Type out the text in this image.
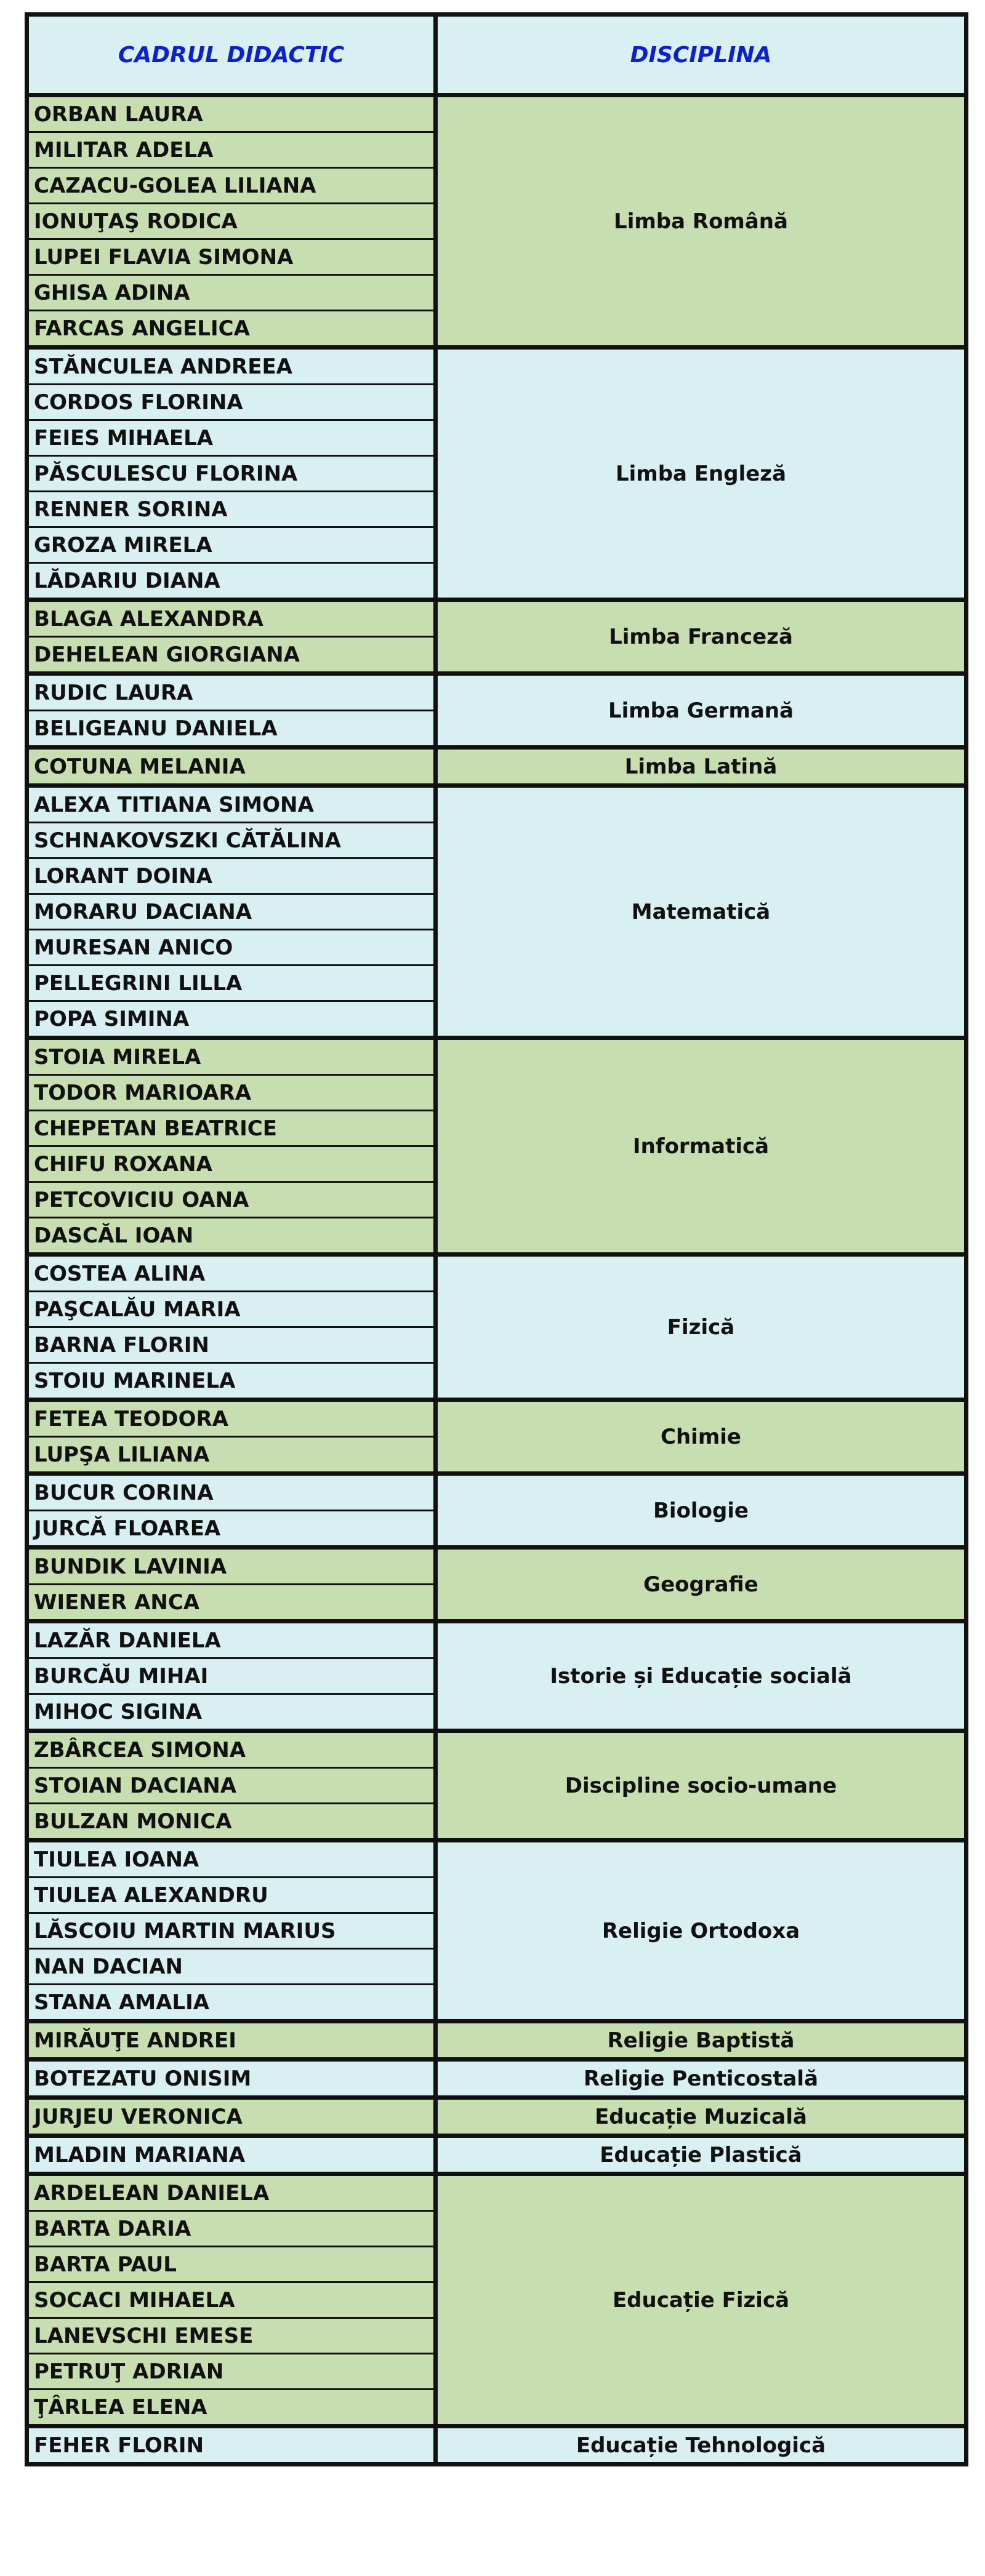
CADRUL DIDACTIC	DISCIPLINA
ORBAN LAURA	Limba Română
MILITAR ADELA	
CAZACU-GOLEA LILIANA	
IONUŢAŞ RODICA	
LUPEI FLAVIA SIMONA	
GHISA ADINA	
FARCAS ANGELICA	
STĂNCULEA ANDREEA	Limba Engleză
CORDOS FLORINA	
FEIES MIHAELA	
PĂSCULESCU FLORINA	
RENNER SORINA	
GROZA MIRELA	
LĂDARIU DIANA	
BLAGA ALEXANDRA	Limba Franceză
DEHELEAN GIORGIANA	
RUDIC LAURA	Limba Germană
BELIGEANU DANIELA	
COTUNA MELANIA	Limba Latină
ALEXA TITIANA SIMONA	Matematică
SCHNAKOVSZKI CĂTĂLINA	
LORANT DOINA	
MORARU DACIANA	
MURESAN ANICO	
PELLEGRINI LILLA	
POPA SIMINA	
STOIA MIRELA	Informatică
TODOR MARIOARA	
CHEPETAN BEATRICE	
CHIFU ROXANA	
PETCOVICIU OANA	
DASCĂL IOAN	
COSTEA ALINA	Fizică
PAŞCALĂU MARIA	
BARNA FLORIN	
STOIU MARINELA	
FETEA TEODORA	Chimie
LUPŞA LILIANA	
BUCUR CORINA	Biologie
JURCĂ FLOAREA	
BUNDIK LAVINIA	Geografie
WIENER ANCA	
LAZĂR DANIELA	Istorie și Educație socială
BURCĂU MIHAI	
MIHOC SIGINA	
ZBÂRCEA SIMONA	Discipline socio-umane
STOIAN DACIANA	
BULZAN MONICA	
TIULEA IOANA	Religie Ortodoxa
TIULEA ALEXANDRU	
LĂSCOIU MARTIN MARIUS	
NAN DACIAN	
STANA AMALIA	
MIRĂUŢE ANDREI	Religie Baptistă
BOTEZATU ONISIM	Religie Penticostală
JURJEU VERONICA	Educație Muzicală
MLADIN MARIANA	Educație Plastică
ARDELEAN DANIELA	Educație Fizică
BARTA DARIA	
BARTA PAUL	
SOCACI MIHAELA	
LANEVSCHI EMESE	
PETRUŢ ADRIAN	
ŢÂRLEA ELENA	
FEHER FLORIN	Educație Tehnologică
